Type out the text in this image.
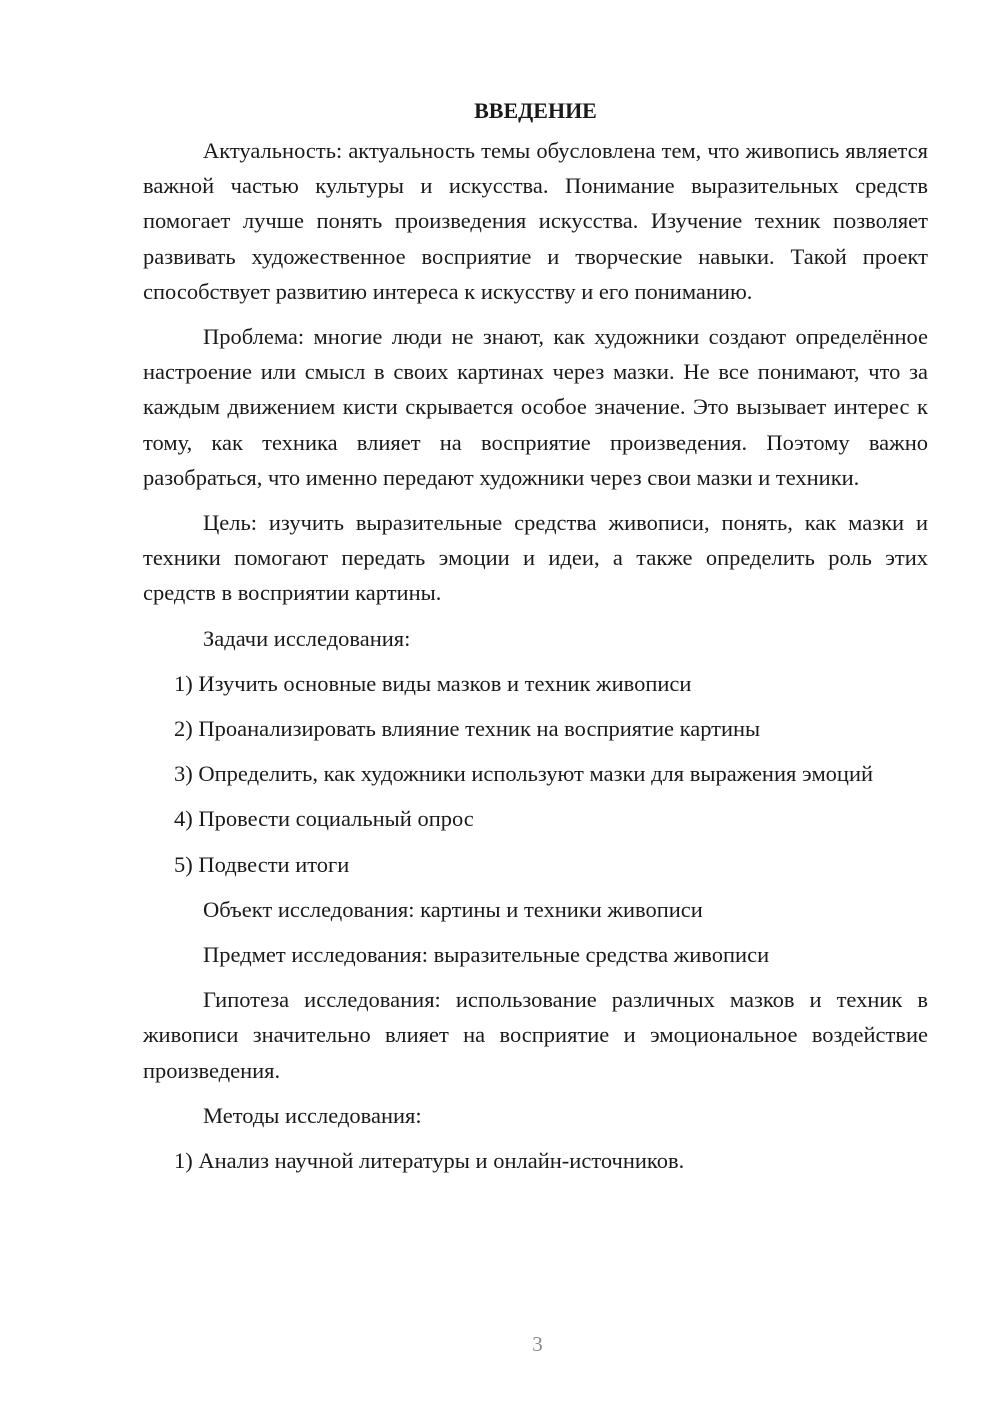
ВВЕДЕНИЕ

Актуальность: актуальность темы обусловлена тем, что живопись является важной частью культуры и искусства. Понимание выразительных средств помогает лучше понять произведения искусства. Изучение техник позволяет развивать художественное восприятие и творческие навыки. Такой проект способствует развитию интереса к искусству и его пониманию.

Проблема: многие люди не знают, как художники создают определённое настроение или смысл в своих картинах через мазки. Не все понимают, что за каждым движением кисти скрывается особое значение. Это вызывает интерес к тому, как техника влияет на восприятие произведения. Поэтому важно разобраться, что именно передают художники через свои мазки и техники.

Цель: изучить выразительные средства живописи, понять, как мазки и техники помогают передать эмоции и идеи, а также определить роль этих средств в восприятии картины.

Задачи исследования:

1) Изучить основные виды мазков и техник живописи

2) Проанализировать влияние техник на восприятие картины

3) Определить, как художники используют мазки для выражения эмоций

4) Провести социальный опрос

5) Подвести итоги

Объект исследования: картины и техники живописи

Предмет исследования: выразительные средства живописи

Гипотеза исследования: использование различных мазков и техник в живописи значительно влияет на восприятие и эмоциональное воздействие произведения.

Методы исследования:

1) Анализ научной литературы и онлайн-источников.

3
